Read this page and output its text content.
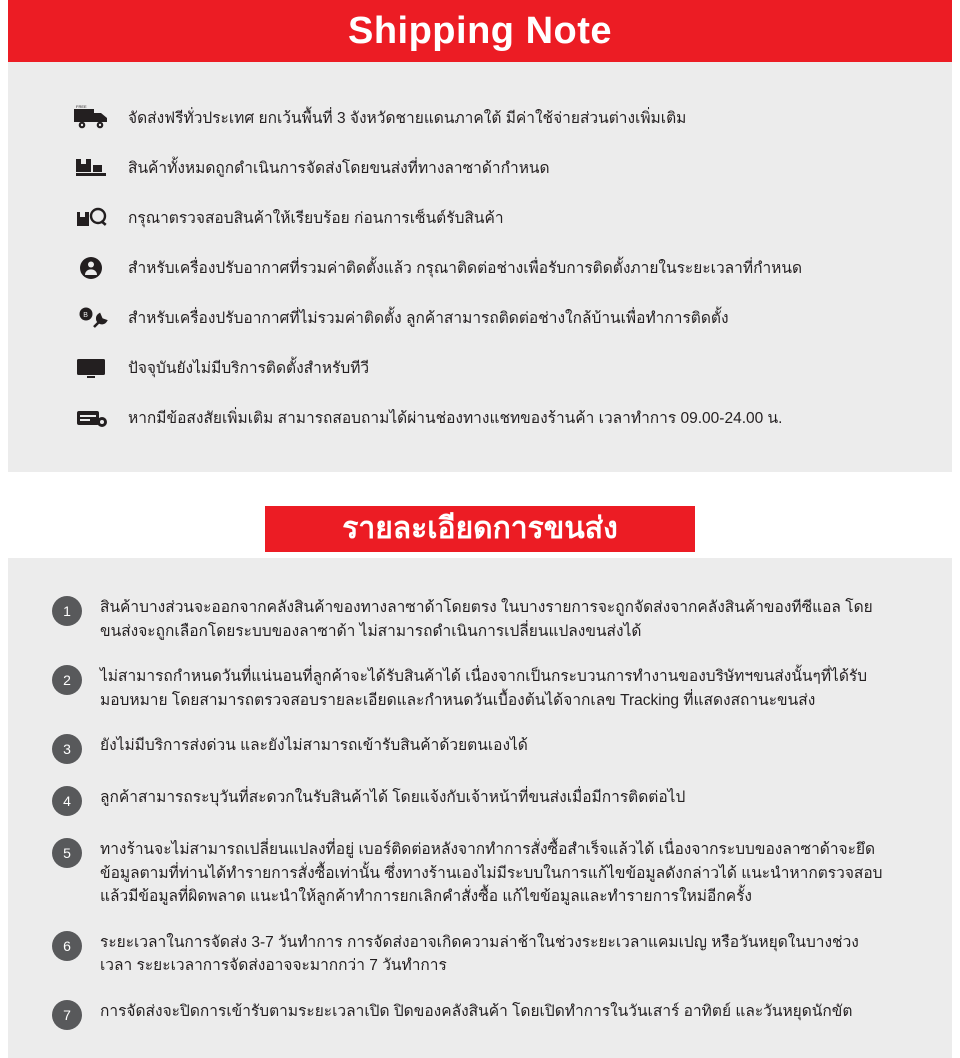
Shipping Note
FREE
จัดส่งฟรีทั่วประเทศ ยกเว้นพื้นที่ 3 จังหวัดชายแดนภาคใต้ มีค่าใช้จ่ายส่วนต่างเพิ่มเติม
สินค้าทั้งหมดถูกดำเนินการจัดส่งโดยขนส่งที่ทางลาซาด้ากำหนด
กรุณาตรวจสอบสินค้าให้เรียบร้อย ก่อนการเซ็นต์รับสินค้า
สำหรับเครื่องปรับอากาศที่รวมค่าติดตั้งแล้ว กรุณาติดต่อช่างเพื่อรับการติดตั้งภายในระยะเวลาที่กำหนด
B	สำหรับเครื่องปรับอากาศที่ไม่รวมค่าติดตั้ง ลูกค้าสามารถติดต่อช่างใกล้บ้านเพื่อทำการติดตั้ง
ปัจจุบันยังไม่มีบริการติดตั้งสำหรับทีวี
หากมีข้อสงสัยเพิ่มเติม สามารถสอบถามได้ผ่านช่องทางแชทของร้านค้า เวลาทำการ 09.00-24.00 น.
รายละเอียดการขนส่ง
1	สินค้าบางส่วนจะออกจากคลังสินค้าของทางลาซาด้าโดยตรง ในบางรายการจะถูกจัดส่งจากคลังสินค้าของทีซีแอล โดยขนส่งจะถูกเลือกโดยระบบของลาซาด้า ไม่สามารถดำเนินการเปลี่ยนแปลงขนส่งได้
2	ไม่สามารถกำหนดวันที่แน่นอนที่ลูกค้าจะได้รับสินค้าได้ เนื่องจากเป็นกระบวนการทำงานของบริษัทฯขนส่งนั้นๆที่ได้รับมอบหมาย โดยสามารถตรวจสอบรายละเอียดและกำหนดวันเบื้องต้นได้จากเลข Tracking ที่แสดงสถานะขนส่ง
3	ยังไม่มีบริการส่งด่วน และยังไม่สามารถเข้ารับสินค้าด้วยตนเองได้
4	ลูกค้าสามารถระบุวันที่สะดวกในรับสินค้าได้ โดยแจ้งกับเจ้าหน้าที่ขนส่งเมื่อมีการติดต่อไป
5	ทางร้านจะไม่สามารถเปลี่ยนแปลงที่อยู่ เบอร์ติดต่อหลังจากทำการสั่งซื้อสำเร็จแล้วได้ เนื่องจากระบบของลาซาด้าจะยึดข้อมูลตามที่ท่านได้ทำรายการสั่งซื้อเท่านั้น ซึ่งทางร้านเองไม่มีระบบในการแก้ไขข้อมูลดังกล่าวได้ แนะนำหากตรวจสอบแล้วมีข้อมูลที่ผิดพลาด แนะนำให้ลูกค้าทำการยกเลิกคำสั่งซื้อ แก้ไขข้อมูลและทำรายการใหม่อีกครั้ง
6	ระยะเวลาในการจัดส่ง 3-7 วันทำการ การจัดส่งอาจเกิดความล่าช้าในช่วงระยะเวลาแคมเปญ หรือวันหยุดในบางช่วงเวลา ระยะเวลาการจัดส่งอาจจะมากกว่า 7 วันทำการ
7	การจัดส่งจะปิดการเข้ารับตามระยะเวลาเปิด ปิดของคลังสินค้า โดยเปิดทำการในวันเสาร์ อาทิตย์ และวันหยุดนักขัต
